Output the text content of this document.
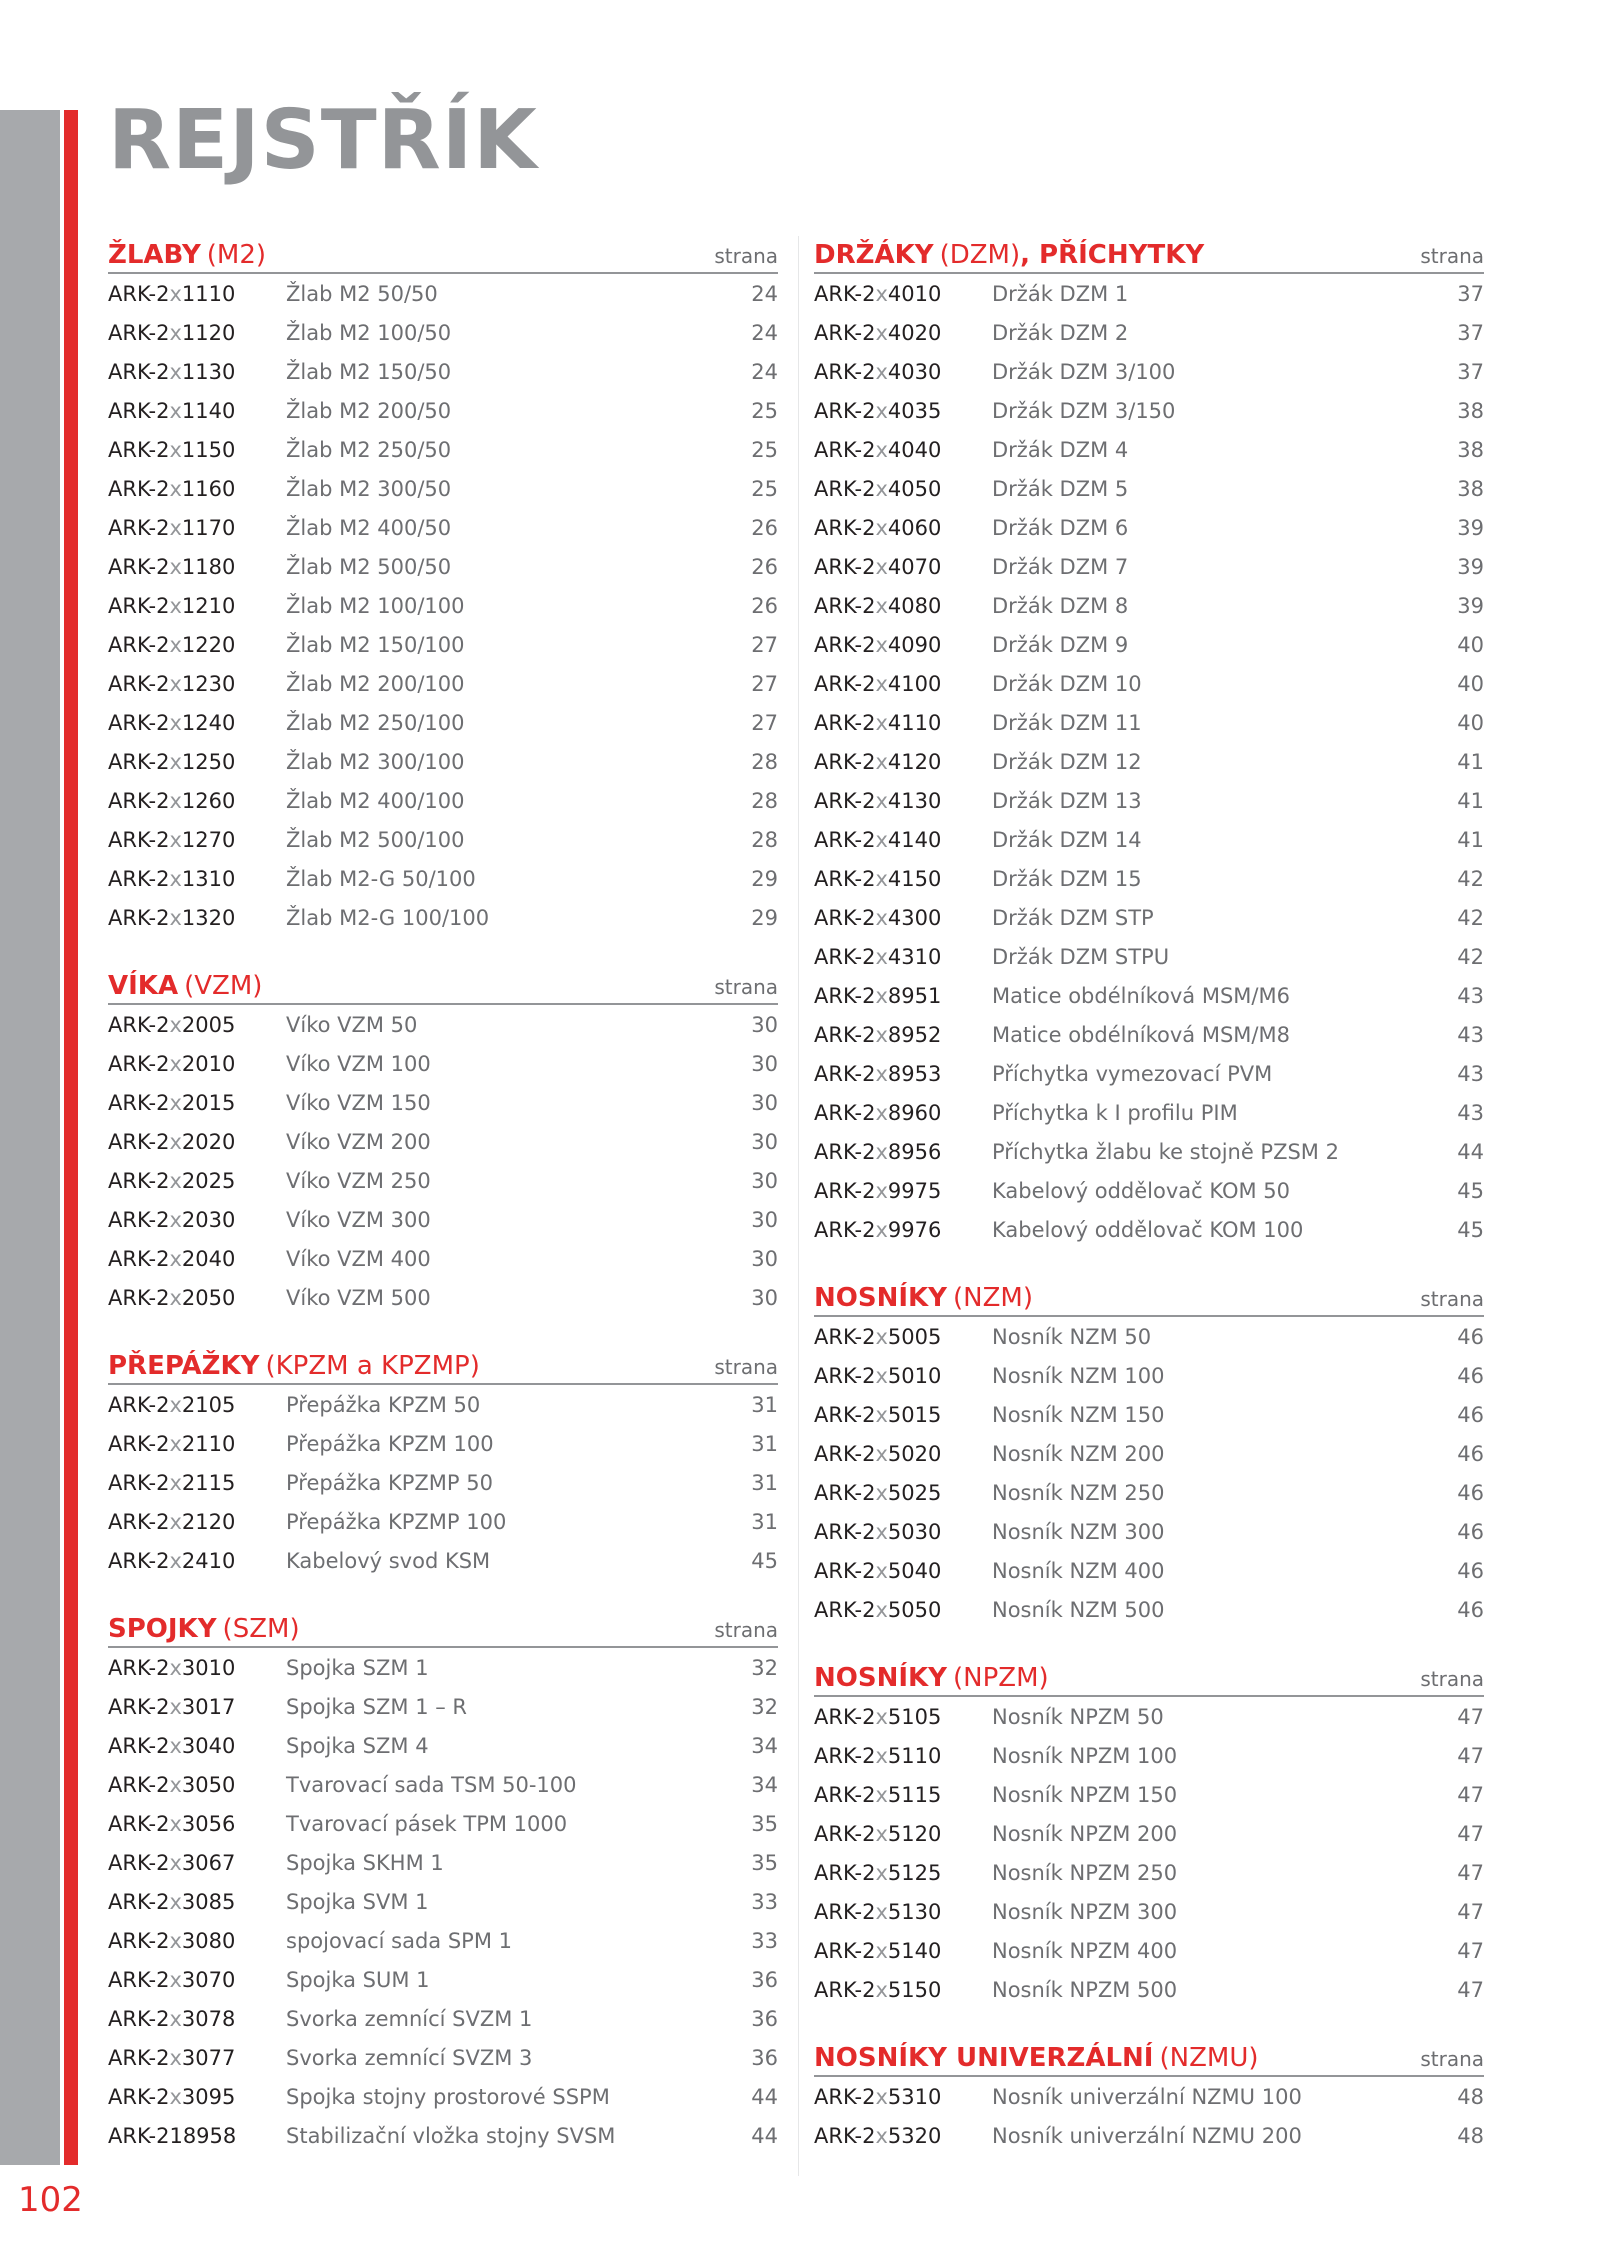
REJSTŘÍK
ŽLABY (M2)	strana
ARK-2x1110	Žlab M2 50/50	24
ARK-2x1120	Žlab M2 100/50	24
ARK-2x1130	Žlab M2 150/50	24
ARK-2x1140	Žlab M2 200/50	25
ARK-2x1150	Žlab M2 250/50	25
ARK-2x1160	Žlab M2 300/50	25
ARK-2x1170	Žlab M2 400/50	26
ARK-2x1180	Žlab M2 500/50	26
ARK-2x1210	Žlab M2 100/100	26
ARK-2x1220	Žlab M2 150/100	27
ARK-2x1230	Žlab M2 200/100	27
ARK-2x1240	Žlab M2 250/100	27
ARK-2x1250	Žlab M2 300/100	28
ARK-2x1260	Žlab M2 400/100	28
ARK-2x1270	Žlab M2 500/100	28
ARK-2x1310	Žlab M2-G 50/100	29
ARK-2x1320	Žlab M2-G 100/100	29
VÍKA (VZM)	strana
ARK-2x2005	Víko VZM 50	30
ARK-2x2010	Víko VZM 100	30
ARK-2x2015	Víko VZM 150	30
ARK-2x2020	Víko VZM 200	30
ARK-2x2025	Víko VZM 250	30
ARK-2x2030	Víko VZM 300	30
ARK-2x2040	Víko VZM 400	30
ARK-2x2050	Víko VZM 500	30
PŘEPÁŽKY (KPZM a KPZMP)	strana
ARK-2x2105	Přepážka KPZM 50	31
ARK-2x2110	Přepážka KPZM 100	31
ARK-2x2115	Přepážka KPZMP 50	31
ARK-2x2120	Přepážka KPZMP 100	31
ARK-2x2410	Kabelový svod KSM	45
SPOJKY (SZM)	strana
ARK-2x3010	Spojka SZM 1	32
ARK-2x3017	Spojka SZM 1 – R	32
ARK-2x3040	Spojka SZM 4	34
ARK-2x3050	Tvarovací sada TSM 50-100	34
ARK-2x3056	Tvarovací pásek TPM 1000	35
ARK-2x3067	Spojka SKHM 1	35
ARK-2x3085	Spojka SVM 1	33
ARK-2x3080	spojovací sada SPM 1	33
ARK-2x3070	Spojka SUM 1	36
ARK-2x3078	Svorka zemnící SVZM 1	36
ARK-2x3077	Svorka zemnící SVZM 3	36
ARK-2x3095	Spojka stojny prostorové SSPM	44
ARK-218958	Stabilizační vložka stojny SVSM	44
DRŽÁKY (DZM), PŘÍCHYTKY	strana
ARK-2x4010	Držák DZM 1	37
ARK-2x4020	Držák DZM 2	37
ARK-2x4030	Držák DZM 3/100	37
ARK-2x4035	Držák DZM 3/150	38
ARK-2x4040	Držák DZM 4	38
ARK-2x4050	Držák DZM 5	38
ARK-2x4060	Držák DZM 6	39
ARK-2x4070	Držák DZM 7	39
ARK-2x4080	Držák DZM 8	39
ARK-2x4090	Držák DZM 9	40
ARK-2x4100	Držák DZM 10	40
ARK-2x4110	Držák DZM 11	40
ARK-2x4120	Držák DZM 12	41
ARK-2x4130	Držák DZM 13	41
ARK-2x4140	Držák DZM 14	41
ARK-2x4150	Držák DZM 15	42
ARK-2x4300	Držák DZM STP	42
ARK-2x4310	Držák DZM STPU	42
ARK-2x8951	Matice obdélníková MSM/M6	43
ARK-2x8952	Matice obdélníková MSM/M8	43
ARK-2x8953	Příchytka vymezovací PVM	43
ARK-2x8960	Příchytka k I profilu PIM	43
ARK-2x8956	Příchytka žlabu ke stojně PZSM 2	44
ARK-2x9975	Kabelový oddělovač KOM 50	45
ARK-2x9976	Kabelový oddělovač KOM 100	45
NOSNÍKY (NZM)	strana
ARK-2x5005	Nosník NZM 50	46
ARK-2x5010	Nosník NZM 100	46
ARK-2x5015	Nosník NZM 150	46
ARK-2x5020	Nosník NZM 200	46
ARK-2x5025	Nosník NZM 250	46
ARK-2x5030	Nosník NZM 300	46
ARK-2x5040	Nosník NZM 400	46
ARK-2x5050	Nosník NZM 500	46
NOSNÍKY (NPZM)	strana
ARK-2x5105	Nosník NPZM 50	47
ARK-2x5110	Nosník NPZM 100	47
ARK-2x5115	Nosník NPZM 150	47
ARK-2x5120	Nosník NPZM 200	47
ARK-2x5125	Nosník NPZM 250	47
ARK-2x5130	Nosník NPZM 300	47
ARK-2x5140	Nosník NPZM 400	47
ARK-2x5150	Nosník NPZM 500	47
NOSNÍKY UNIVERZÁLNÍ (NZMU)	strana
ARK-2x5310	Nosník univerzální NZMU 100	48
ARK-2x5320	Nosník univerzální NZMU 200	48
102
